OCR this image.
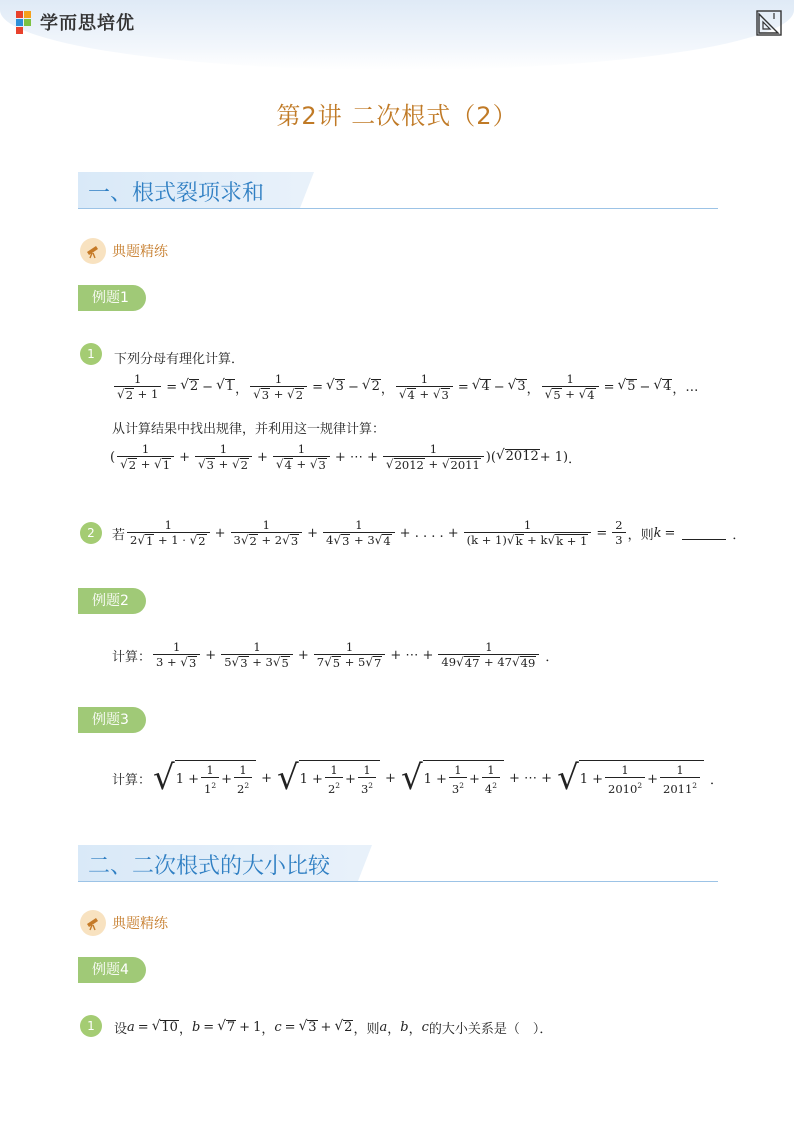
学而思培优
第2讲 二次根式（2）
一、根式裂项求和
典题精练
例题1
1	下列分母有理化计算．
$\frac{1}{√ 2 + 1}$ = √ 2 − √ 1 ， $\frac{1}{√ 3 + √ 2}$ = √ 3 − √ 2 ， $\frac{1}{√ 4 + √ 3}$ = √ 4 − √ 3 ， $\frac{1}{√ 5 + √ 4}$ = √ 5 − √ 4 ， …
从计算结果中找出规律，并利用这一规律计算：
( $\frac{1}{√ 2 + √ 1} + \frac{1}{√ 3 + √ 2} + \frac{1}{√ 4 + √ 3}$ + ⋯ + $\frac{1}{√ 2012 + √ 2011}$ )( √ 2012 + 1) ．
2	若 $\frac{1}{2 √ 1 + 1 \cdot √ 2} + \frac{1}{3 √ 2 + 2 √ 3} + \frac{1}{4 √ 3 + 3 √ 4}$ + . . . . + $\frac{1}{(k + 1) √ k + k √ k + 1} = \frac{2}{3}$ ，则 k =	．
例题2
计算： $\frac{1}{3 + √ 3} + \frac{1}{5 √ 3 + 3 √ 5} + \frac{1}{7 √ 5 + 5 √ 7}$ + ⋯ + $\frac{1}{49 √ 47 + 47 √ 49}$ ．
例题3
计算： √ $1 + \frac{1}{1^2} + \frac{1}{2^2}$ + √ $1 + \frac{1}{2^2} + \frac{1}{3^2}$ + √ $1 + \frac{1}{3^2} + \frac{1}{4^2}$ + ⋯ + √ $1 + \frac{1}{2010^2} + \frac{1}{2011^2}$ ．
二、二次根式的大小比较
典题精练
例题4
1	设 a = √ 10 ， b = √ 7 + 1 ， c = √ 3 + √ 2 ，则 a ， b ， c 的大小关系是（　）．
